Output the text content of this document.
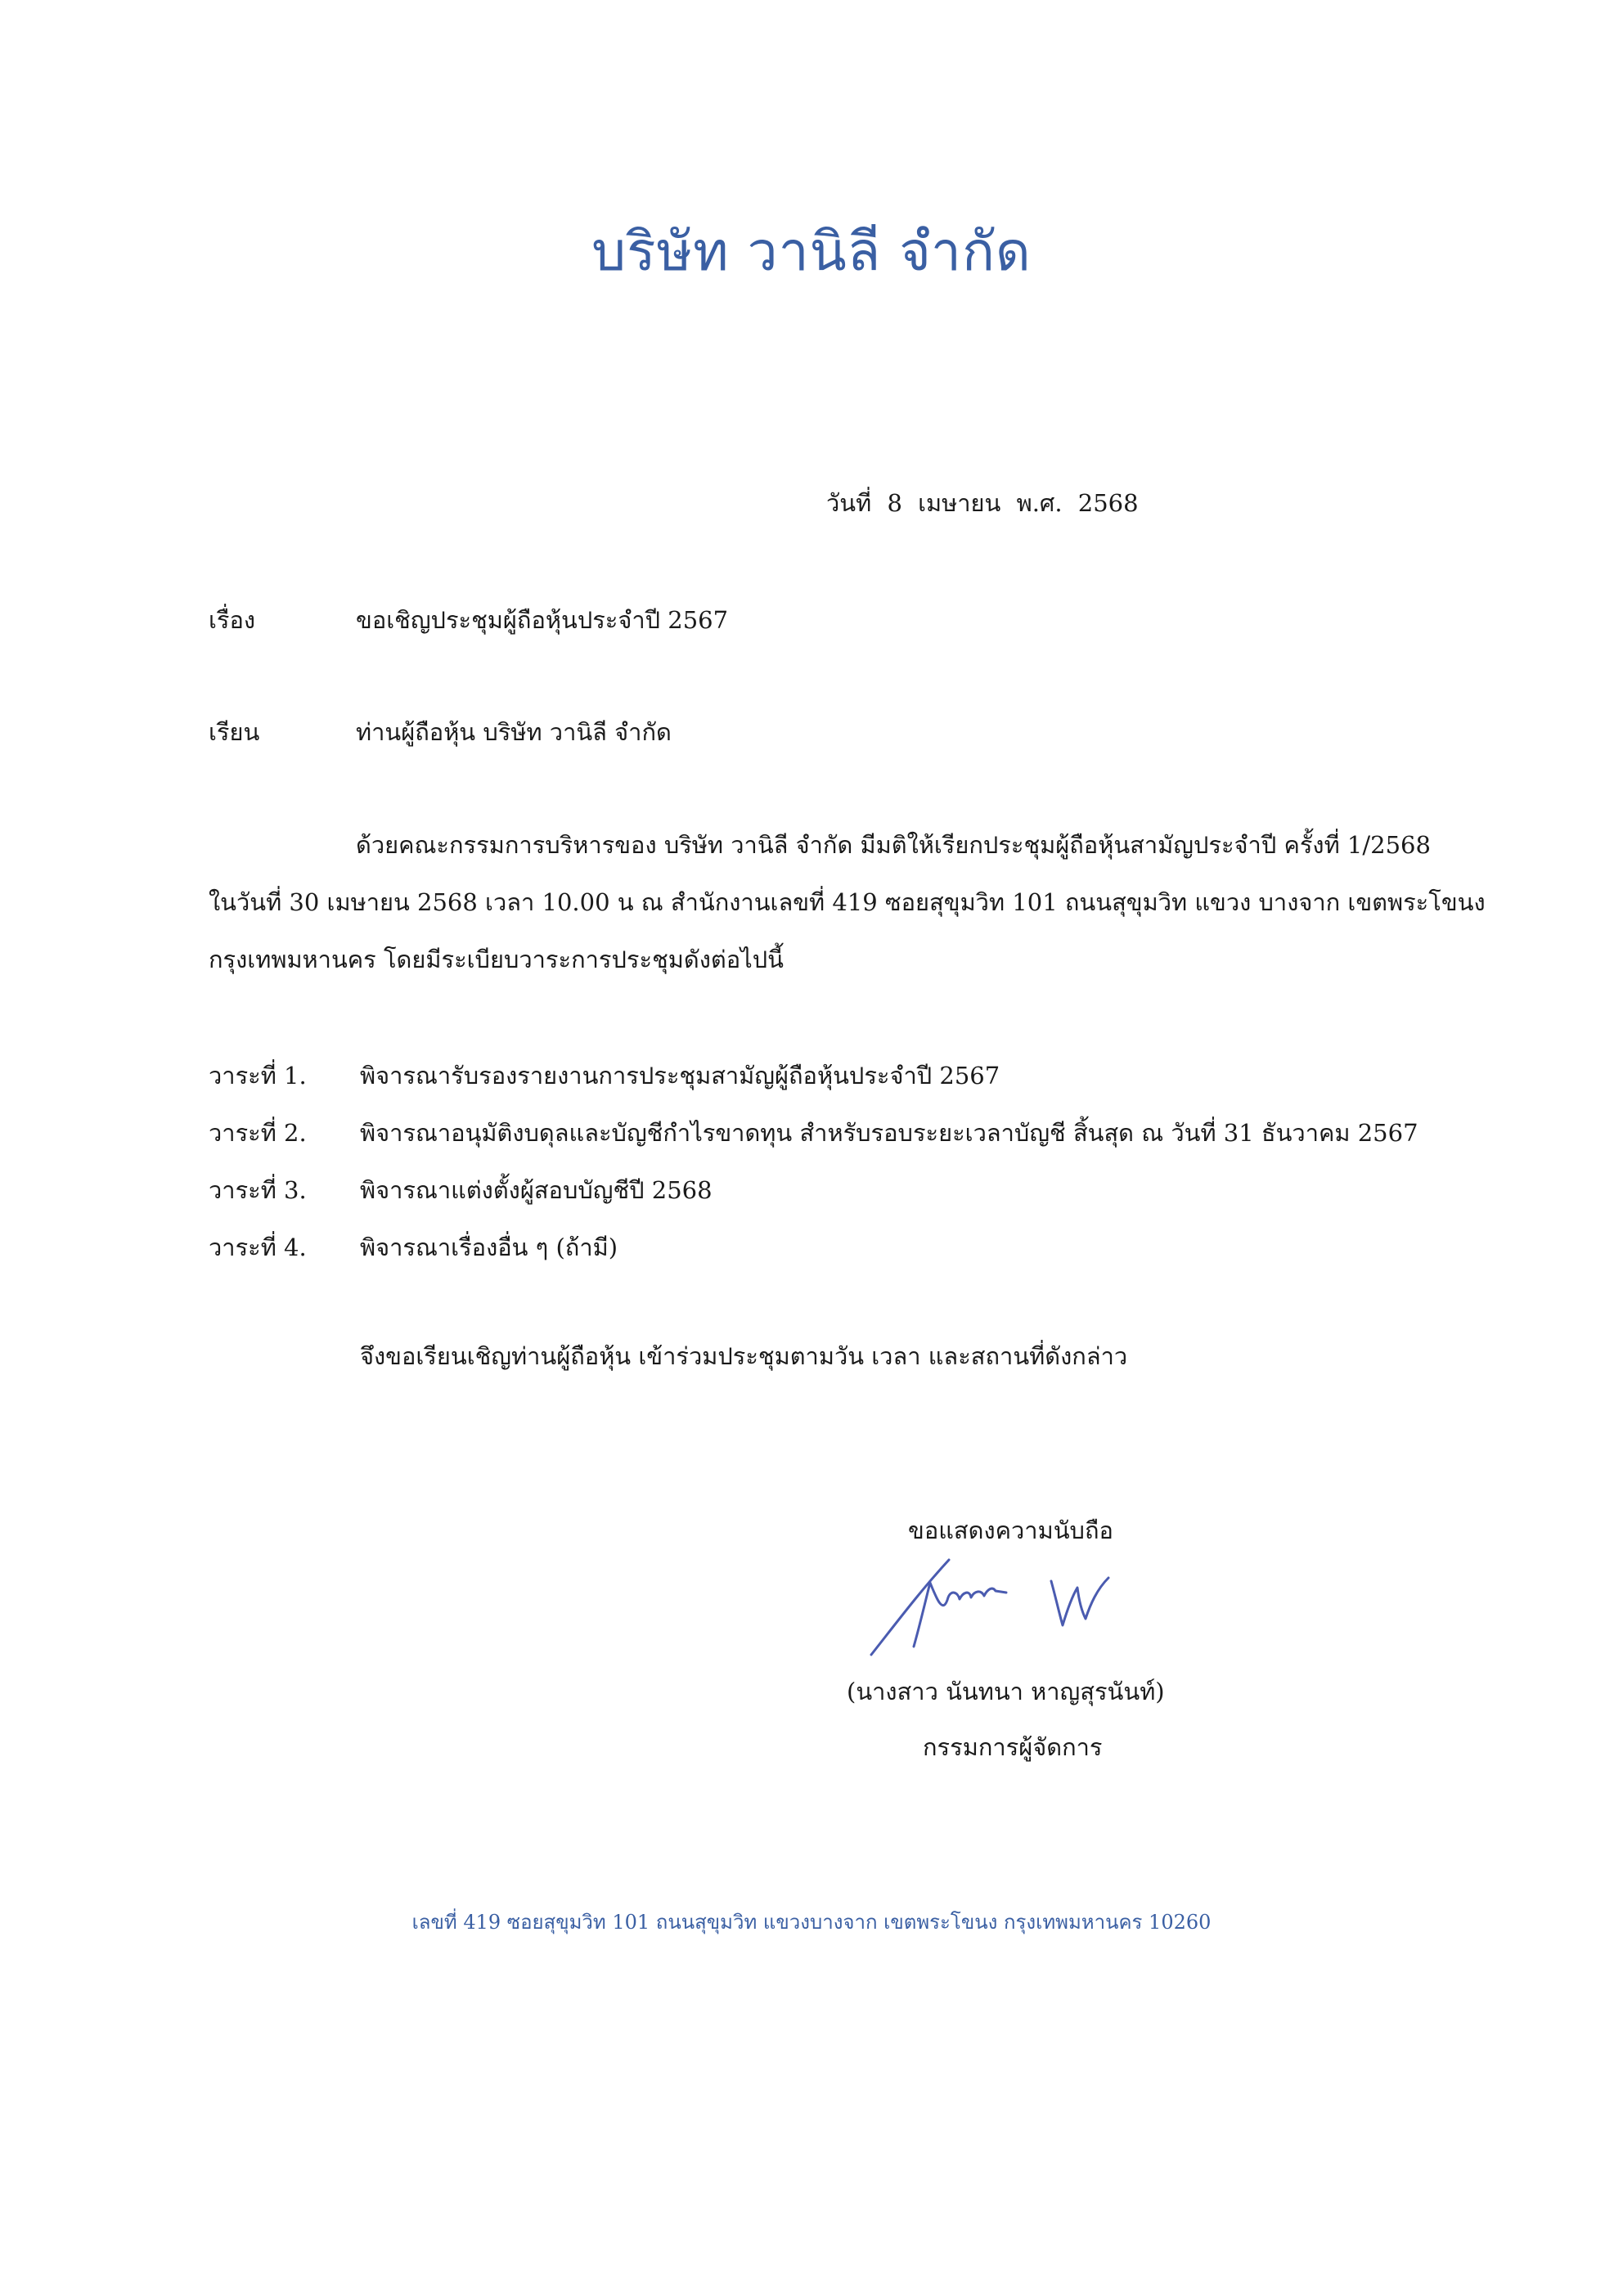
บริษัท วานิลี จำกัด
วันที่ 8 เมษายน พ.ศ. 2568
เรื่อง	ขอเชิญประชุมผู้ถือหุ้นประจำปี 2567
เรียน	ท่านผู้ถือหุ้น บริษัท วานิลี จำกัด
ด้วยคณะกรรมการบริหารของ บริษัท วานิลี จำกัด มีมติให้เรียกประชุมผู้ถือหุ้นสามัญประจำปี ครั้งที่ 1/2568
ในวันที่ 30 เมษายน 2568 เวลา 10.00 น ณ สำนักงานเลขที่ 419 ซอยสุขุมวิท 101 ถนนสุขุมวิท แขวง บางจาก เขตพระโขนง
กรุงเทพมหานคร โดยมีระเบียบวาระการประชุมดังต่อไปนี้
วาระที่ 1. พิจารณารับรองรายงานการประชุมสามัญผู้ถือหุ้นประจำปี 2567
วาระที่ 2. พิจารณาอนุมัติงบดุลและบัญชีกำไรขาดทุน สำหรับรอบระยะเวลาบัญชี สิ้นสุด ณ วันที่ 31 ธันวาคม 2567
วาระที่ 3. พิจารณาแต่งตั้งผู้สอบบัญชีปี 2568
วาระที่ 4. พิจารณาเรื่องอื่น ๆ (ถ้ามี)
จึงขอเรียนเชิญท่านผู้ถือหุ้น เข้าร่วมประชุมตามวัน เวลา และสถานที่ดังกล่าว
ขอแสดงความนับถือ
(นางสาว นันทนา หาญสุรนันท์)
กรรมการผู้จัดการ
เลขที่ 419 ซอยสุขุมวิท 101 ถนนสุขุมวิท แขวงบางจาก เขตพระโขนง กรุงเทพมหานคร 10260
